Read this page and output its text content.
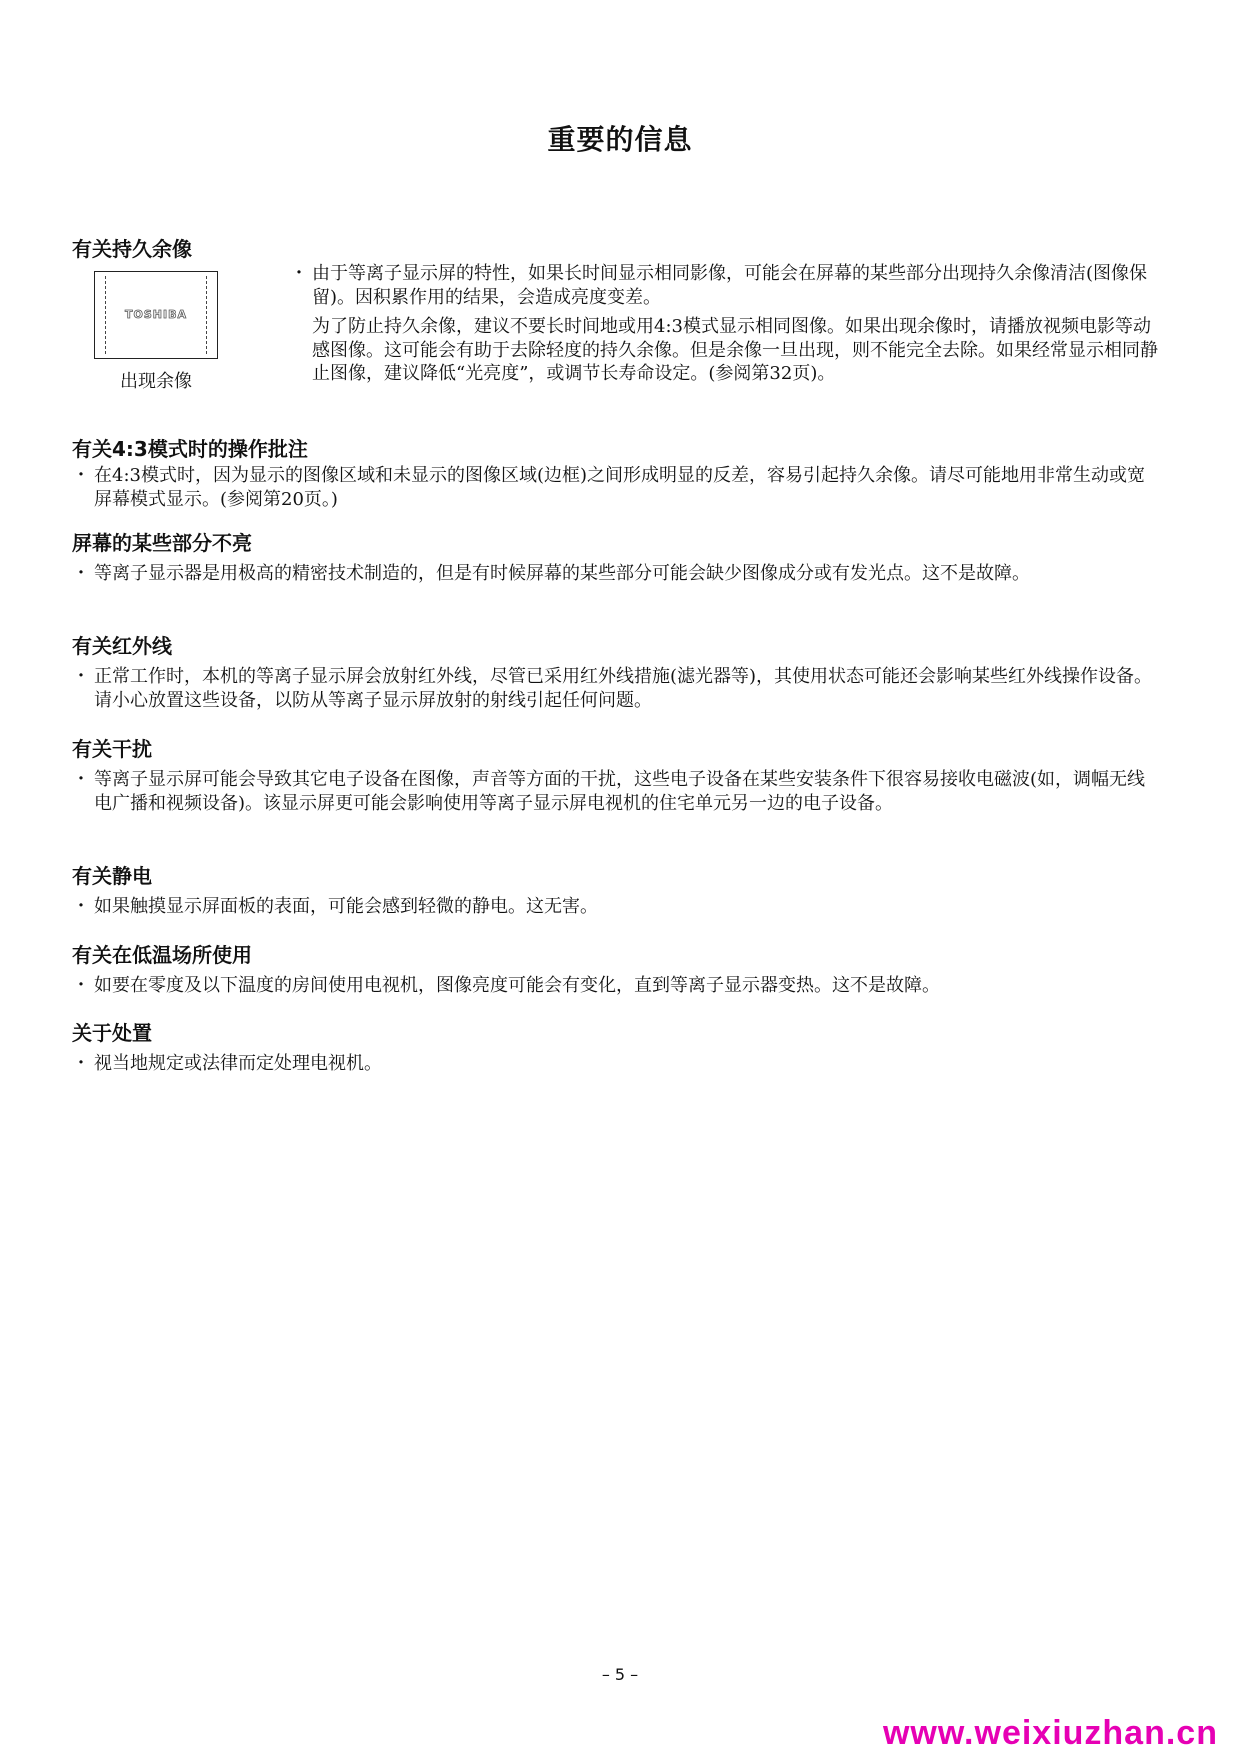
重要的信息
有关持久余像
TOSHIBA
出现余像

・ 由于等离子显示屏的特性，如果长时间显示相同影像，可能会在屏幕的某些部分出现持久余像清洁(图像保留)。因积累作用的结果，会造成亮度变差。

为了防止持久余像，建议不要长时间地或用4:3模式显示相同图像。如果出现余像时，请播放视频电影等动感图像。这可能会有助于去除轻度的持久余像。但是余像一旦出现，则不能完全去除。如果经常显示相同静止图像，建议降低“光亮度”，或调节长寿命设定。(参阅第32页)。

有关4:3模式时的操作批注

・ 在4:3模式时，因为显示的图像区域和未显示的图像区域(边框)之间形成明显的反差，容易引起持久余像。请尽可能地用非常生动或宽屏幕模式显示。(参阅第20页。)

屏幕的某些部分不亮

・ 等离子显示器是用极高的精密技术制造的，但是有时候屏幕的某些部分可能会缺少图像成分或有发光点。这不是故障。

有关红外线

・ 正常工作时，本机的等离子显示屏会放射红外线，尽管已采用红外线措施(滤光器等)，其使用状态可能还会影响某些红外线操作设备。请小心放置这些设备，以防从等离子显示屏放射的射线引起任何问题。

有关干扰

・ 等离子显示屏可能会导致其它电子设备在图像，声音等方面的干扰，这些电子设备在某些安装条件下很容易接收电磁波(如，调幅无线电广播和视频设备)。该显示屏更可能会影响使用等离子显示屏电视机的住宅单元另一边的电子设备。

有关静电

・ 如果触摸显示屏面板的表面，可能会感到轻微的静电。这无害。

有关在低温场所使用

・ 如要在零度及以下温度的房间使用电视机，图像亮度可能会有变化，直到等离子显示器变热。这不是故障。

关于处置

・ 视当地规定或法律而定处理电视机。

– 5 –
www.weixiuzhan.cn
